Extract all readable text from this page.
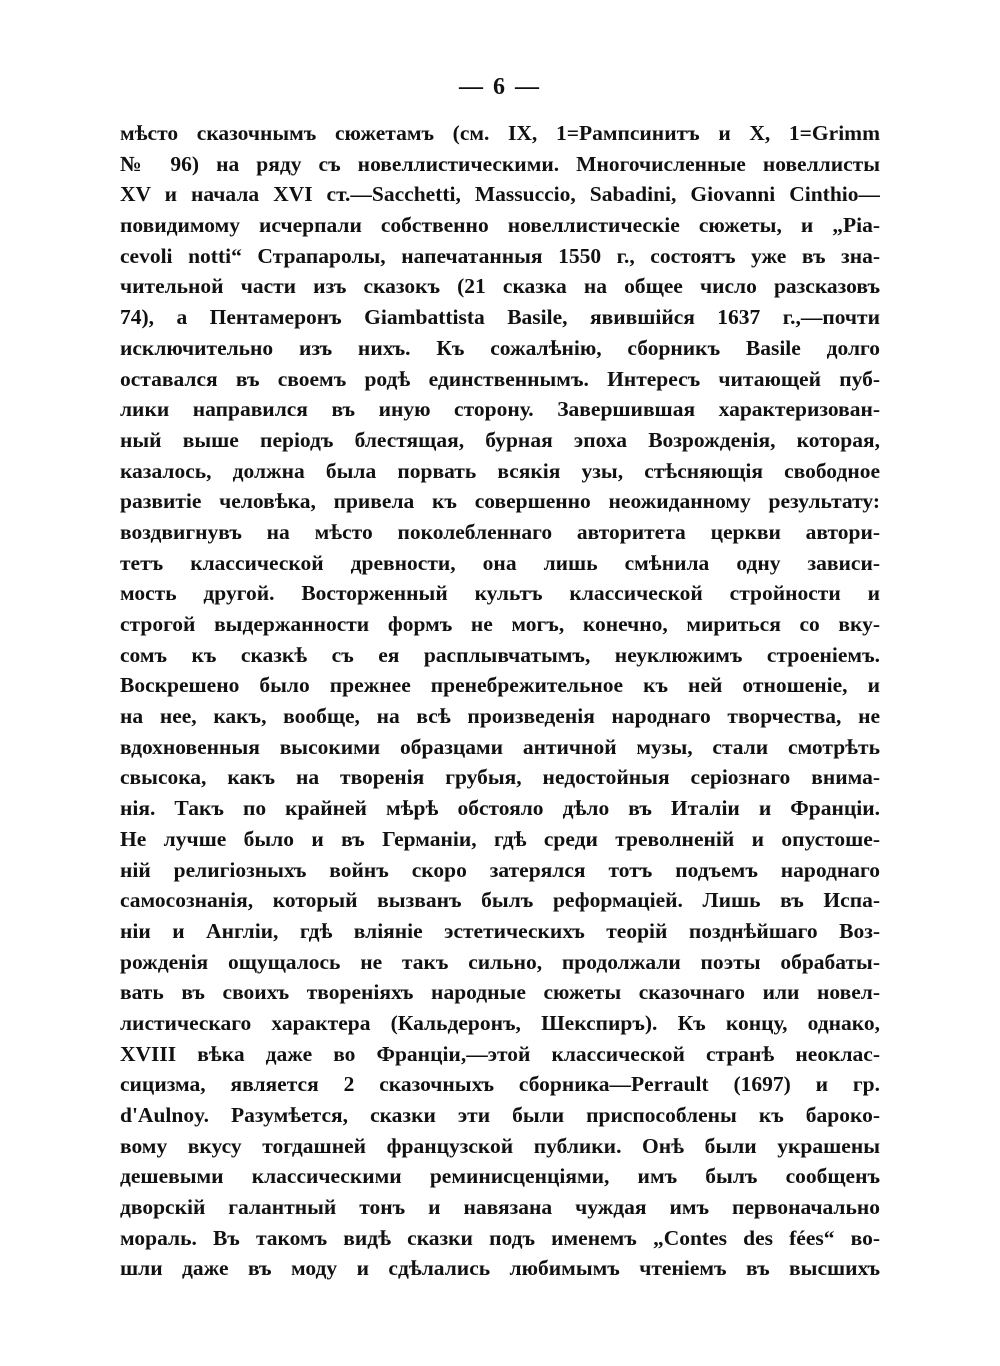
— 6 —
мѣсто сказочнымъ сюжетамъ (см. IX, 1=Рампсинитъ и X, 1=Grimm
№ 96) на ряду съ новеллистическими. Многочисленные новеллисты
XV и начала XVI ст.—Sacchetti, Massuccio, Sabadini, Giovanni Cinthio—
повидимому исчерпали собственно новеллистическіе сюжеты, и „Pia-
cevoli notti“ Страпаролы, напечатанныя 1550 г., состоятъ уже въ зна-
чительной части изъ сказокъ (21 сказка на общее число разсказовъ
74), а Пентамеронъ Giambattista Basile, явившійся 1637 г.,—почти
исключительно изъ нихъ. Къ сожалѣнію, сборникъ Basile долго
оставался въ своемъ родѣ единственнымъ. Интересъ читающей пуб-
лики направился въ иную сторону. Завершившая характеризован-
ный выше періодъ блестящая, бурная эпоха Возрожденія, которая,
казалось, должна была порвать всякія узы, стѣсняющія свободное
развитіе человѣка, привела къ совершенно неожиданному результату:
воздвигнувъ на мѣсто поколебленнаго авторитета церкви автори-
тетъ классической древности, она лишь смѣнила одну зависи-
мость другой. Восторженный культъ классической стройности и
строгой выдержанности формъ не могъ, конечно, мириться со вку-
сомъ къ сказкѣ съ ея расплывчатымъ, неуклюжимъ строеніемъ.
Воскрешено было прежнее пренебрежительное къ ней отношеніе, и
на нее, какъ, вообще, на всѣ произведенія народнаго творчества, не
вдохновенныя высокими образцами античной музы, стали смотрѣть
свысока, какъ на творенія грубыя, недостойныя серіознаго внима-
нія. Такъ по крайней мѣрѣ обстояло дѣло въ Италіи и Франціи.
Не лучше было и въ Германіи, гдѣ среди треволненій и опустоше-
ній религіозныхъ войнъ скоро затерялся тотъ подъемъ народнаго
самосознанія, который вызванъ былъ реформаціей. Лишь въ Испа-
ніи и Англіи, гдѣ вліяніе эстетическихъ теорій позднѣйшаго Воз-
рожденія ощущалось не такъ сильно, продолжали поэты обрабаты-
вать въ своихъ твореніяхъ народные сюжеты сказочнаго или новел-
листическаго характера (Кальдеронъ, Шекспиръ). Къ концу, однако,
XVIII вѣка даже во Франціи,—этой классической странѣ неоклас-
сицизма, является 2 сказочныхъ сборника—Perrault (1697) и гр.
d'Aulnoy. Разумѣется, сказки эти были приспособлены къ бароко-
вому вкусу тогдашней французской публики. Онѣ были украшены
дешевыми классическими реминисценціями, имъ былъ сообщенъ
дворскій галантный тонъ и навязана чуждая имъ первоначально
мораль. Въ такомъ видѣ сказки подъ именемъ „Contes des fées“ во-
шли даже въ моду и сдѣлались любимымъ чтеніемъ въ высшихъ
